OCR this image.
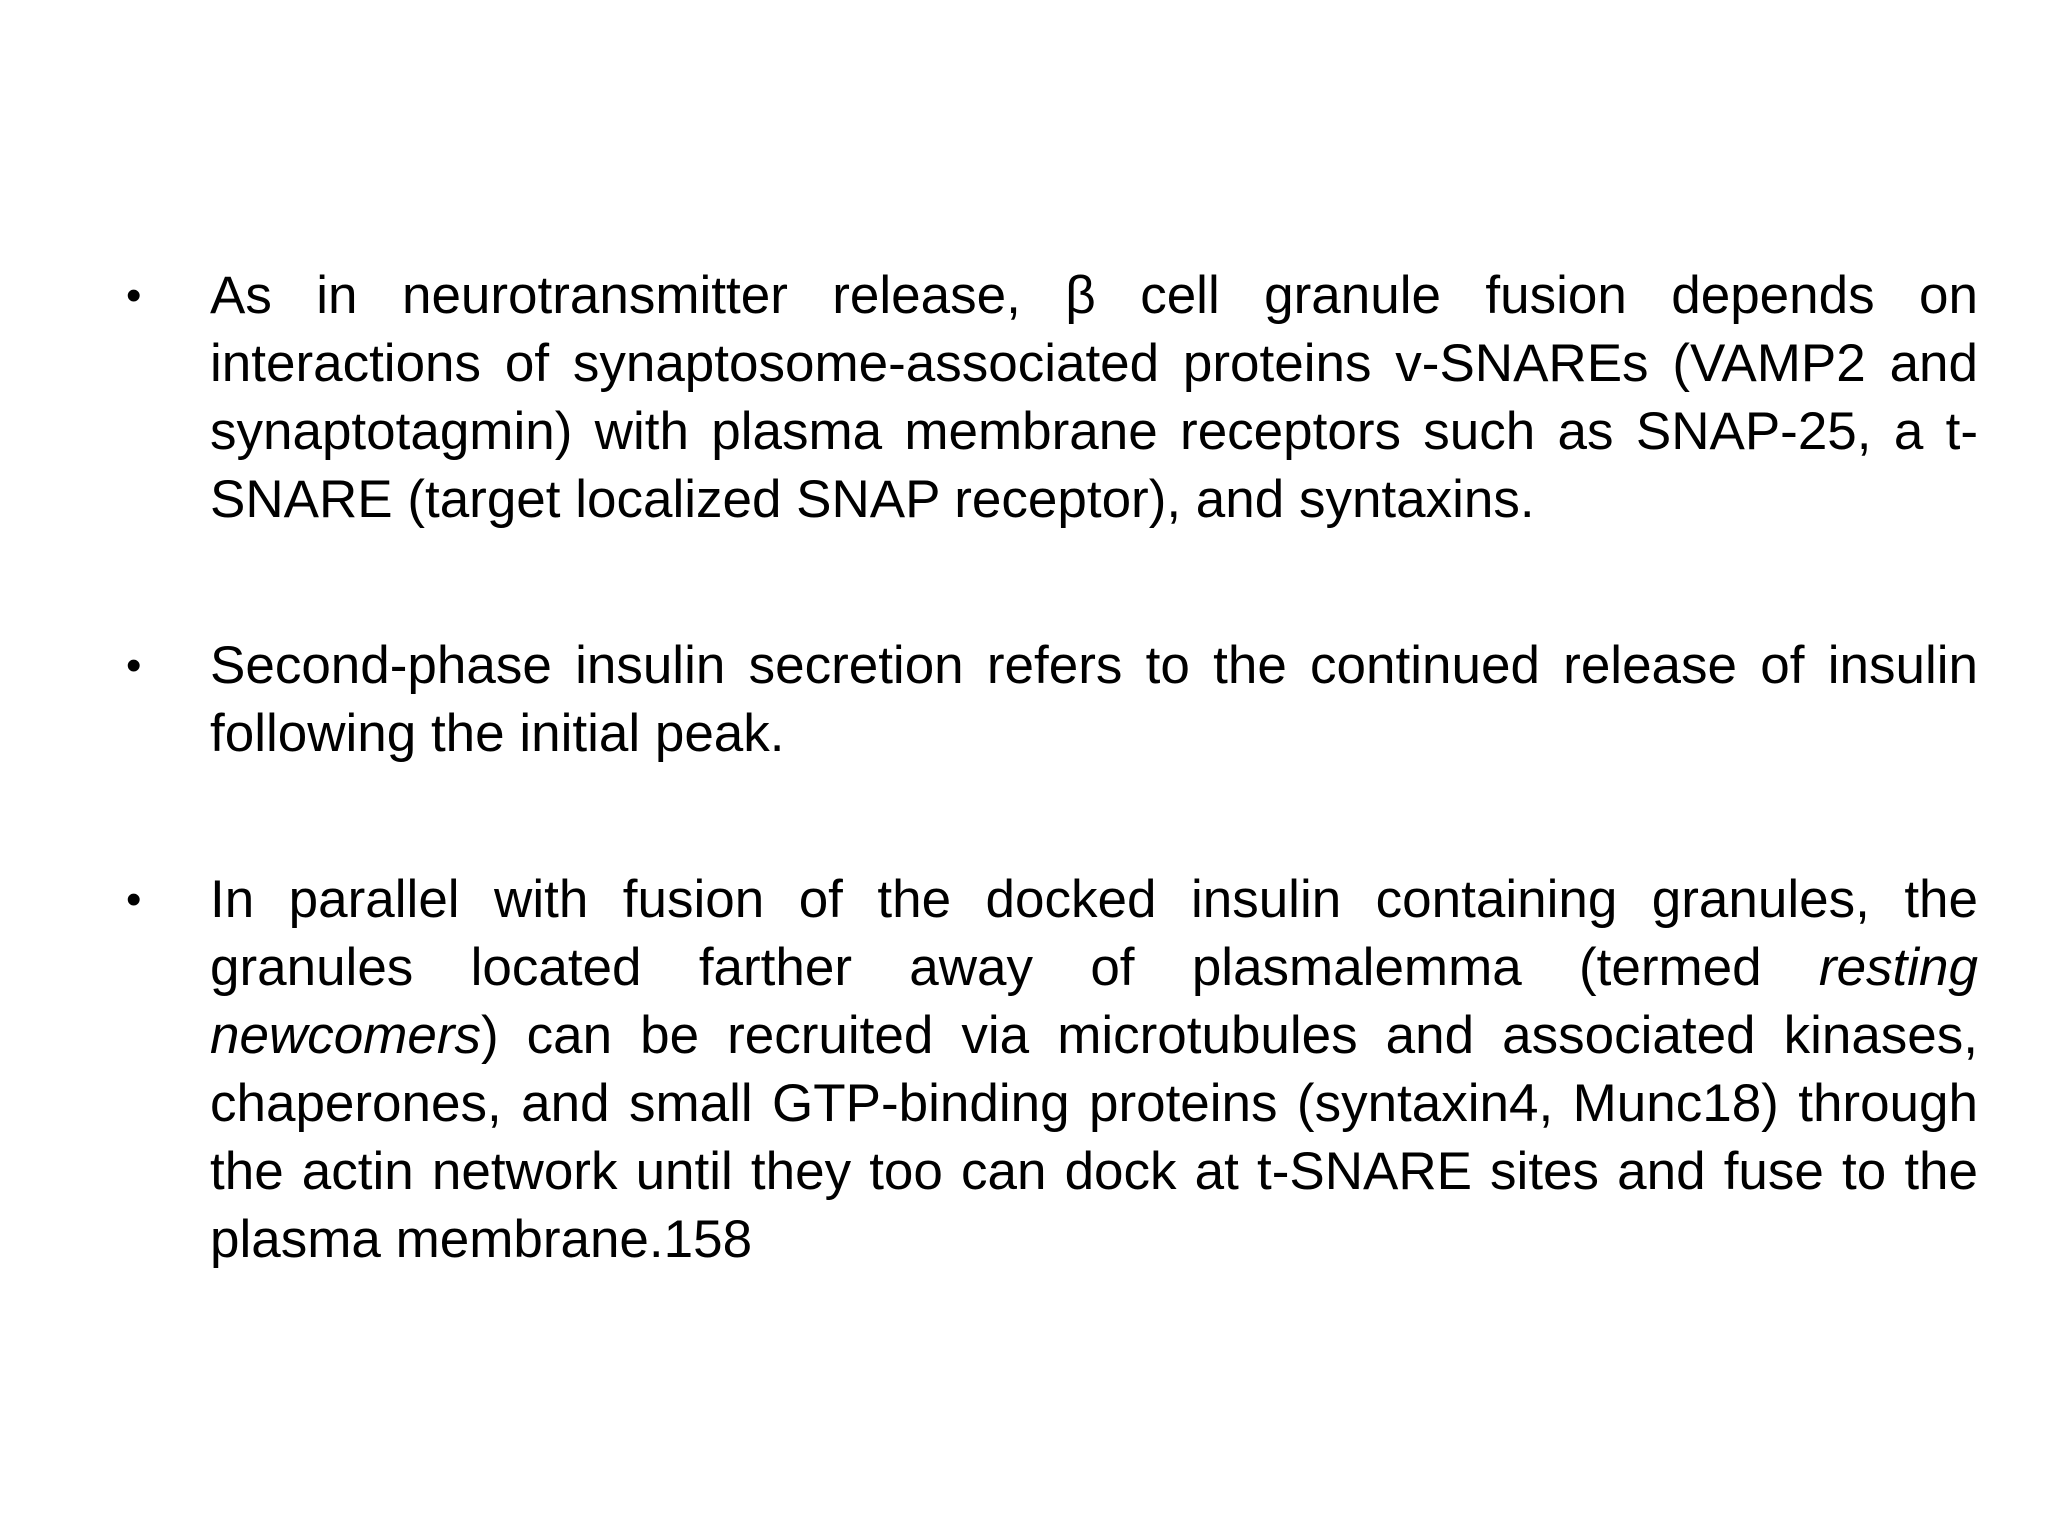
•	As in neurotransmitter release, β cell granule fusion depends on interactions of synaptosome-associated proteins v-SNAREs (VAMP2 and synaptotagmin) with plasma membrane receptors such as SNAP-25, a t-SNARE (target localized SNAP receptor), and syntaxins.
•	Second-phase insulin secretion refers to the continued release of insulin following the initial peak.
•	In parallel with fusion of the docked insulin containing granules, the granules located farther away of plasmalemma (termed resting newcomers) can be recruited via microtubules and associated kinases, chaperones, and small GTP-binding proteins (syntaxin4, Munc18) through the actin network until they too can dock at t-SNARE sites and fuse to the plasma membrane.158
